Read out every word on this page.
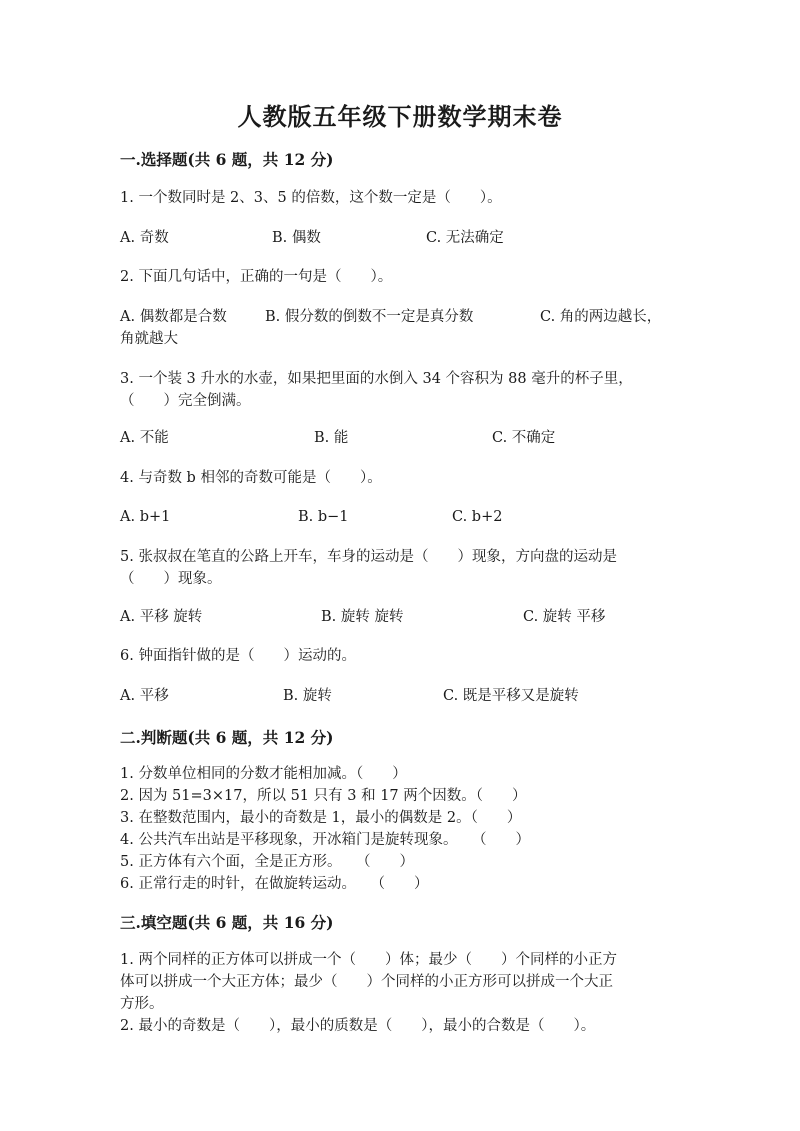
人教版五年级下册数学期末卷
一.选择题(共 6 题，共 12 分)
1. 一个数同时是 2、3、5 的倍数，这个数一定是（　　）。
A. 奇数	B. 偶数	C. 无法确定
2. 下面几句话中，正确的一句是（　　）。
A. 偶数都是合数	B. 假分数的倒数不一定是真分数	C. 角的两边越长，
角就越大
3. 一个装 3 升水的水壶，如果把里面的水倒入 34 个容积为 88 毫升的杯子里，
（　　）完全倒满。
A. 不能	B. 能	C. 不确定
4. 与奇数 b 相邻的奇数可能是（　　）。
A. b+1	B. b−1	C. b+2
5. 张叔叔在笔直的公路上开车，车身的运动是（　　）现象，方向盘的运动是
（　　）现象。
A. 平移 旋转	B. 旋转 旋转	C. 旋转 平移
6. 钟面指针做的是（　　）运动的。
A. 平移	B. 旋转	C. 既是平移又是旋转
二.判断题(共 6 题，共 12 分)
1. 分数单位相同的分数才能相加减。（　　）
2. 因为 51=3×17，所以 51 只有 3 和 17 两个因数。（　　）
3. 在整数范围内，最小的奇数是 1，最小的偶数是 2。（　　）
4. 公共汽车出站是平移现象，开冰箱门是旋转现象。　　（　　）
5. 正方体有六个面，全是正方形。　　（　　）
6. 正常行走的时针，在做旋转运动。　　（　　）
三.填空题(共 6 题，共 16 分)
1. 两个同样的正方体可以拼成一个（　　）体；最少（　　）个同样的小正方
体可以拼成一个大正方体；最少（　　）个同样的小正方形可以拼成一个大正
方形。
2. 最小的奇数是（　　），最小的质数是（　　），最小的合数是（　　）。
